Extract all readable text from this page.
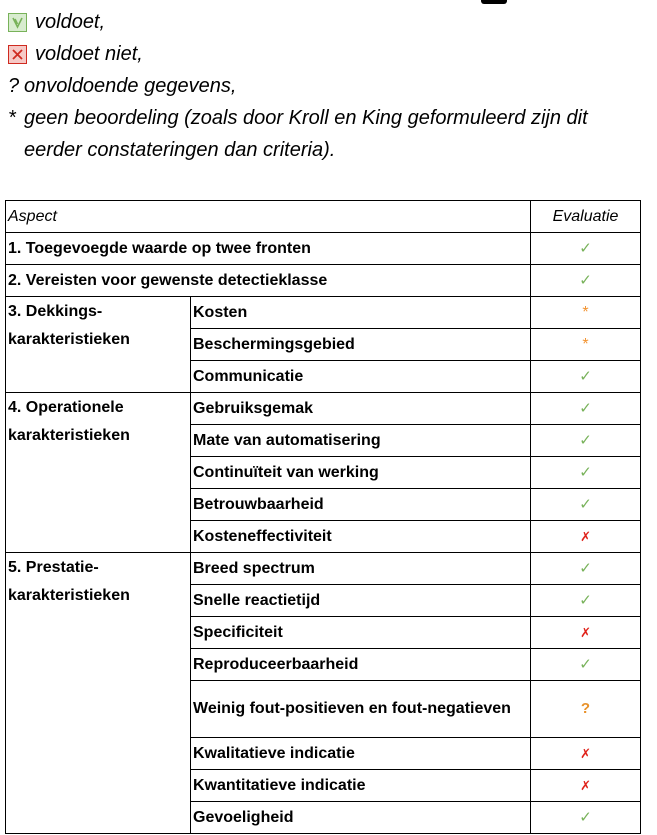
voldoet,
voldoet niet,
? onvoldoende gegevens,
* geen beoordeling (zoals door Kroll en King geformuleerd zijn dit
eerder constateringen dan criteria).
Aspect		Evaluatie
1. Toegevoegde waarde op twee fronten		✓
2. Vereisten voor gewenste detectieklasse		✓
3. Dekkings-karakteristieken	Kosten	*
	Beschermingsgebied	*
	Communicatie	✓
4. Operationele karakteristieken	Gebruiksgemak	✓
	Mate van automatisering	✓
	Continuïteit van werking	✓
	Betrouwbaarheid	✓
	Kosteneffectiviteit	✗
5. Prestatie-karakteristieken	Breed spectrum	✓
	Snelle reactietijd	✓
	Specificiteit	✗
	Reproduceerbaarheid	✓
	Weinig fout-positieven en fout-negatieven	?
	Kwalitatieve indicatie	✗
	Kwantitatieve indicatie	✗
	Gevoeligheid	✓
